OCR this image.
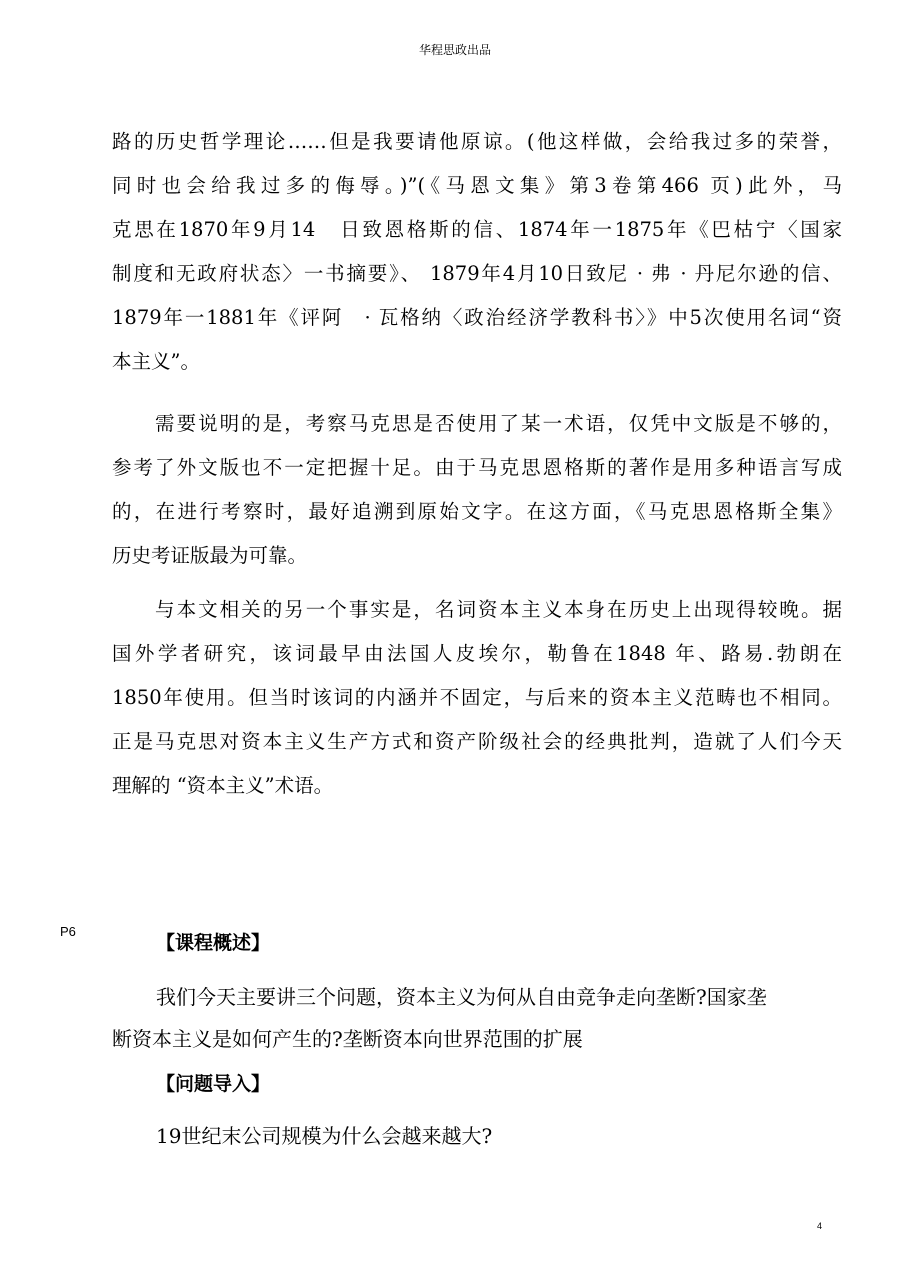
华程思政出品
路的历史哲学理论……但是我要请他原谅。(他这样做，会给我过多的荣誉，
同时也会给我过多的侮辱。)”(《马恩文集》第3卷第466 页)此外，马
克思在1870年9月14　日致恩格斯的信、1874年一1875年《巴枯宁〈国家
制度和无政府状态〉一书摘要》、 1879年4月10日致尼 · 弗 · 丹尼尔逊的信、
1879年一1881年《评阿　· 瓦格纳〈政治经济学教科书〉》中5次使用名词“资
本主义”。
　　需要说明的是，考察马克思是否使用了某一术语，仅凭中文版是不够的，
参考了外文版也不一定把握十足。由于马克思恩格斯的著作是用多种语言写成
的，在进行考察时，最好追溯到原始文字。在这方面，《马克思恩格斯全集》
历史考证版最为可靠。
　　与本文相关的另一个事实是，名词资本主义本身在历史上出现得较晚。据
国外学者研究，该词最早由法国人皮埃尔，勒鲁在1848 年、路易.勃朗在
1850年使用。但当时该词的内涵并不固定，与后来的资本主义范畴也不相同。
正是马克思对资本主义生产方式和资产阶级社会的经典批判，造就了人们今天
理解的 “资本主义”术语。
P6
【课程概述】
我们今天主要讲三个问题，资本主义为何从自由竞争走向垄断?国家垄
断资本主义是如何产生的?垄断资本向世界范围的扩展
【问题导入】
19世纪末公司规模为什么会越来越大?
4
